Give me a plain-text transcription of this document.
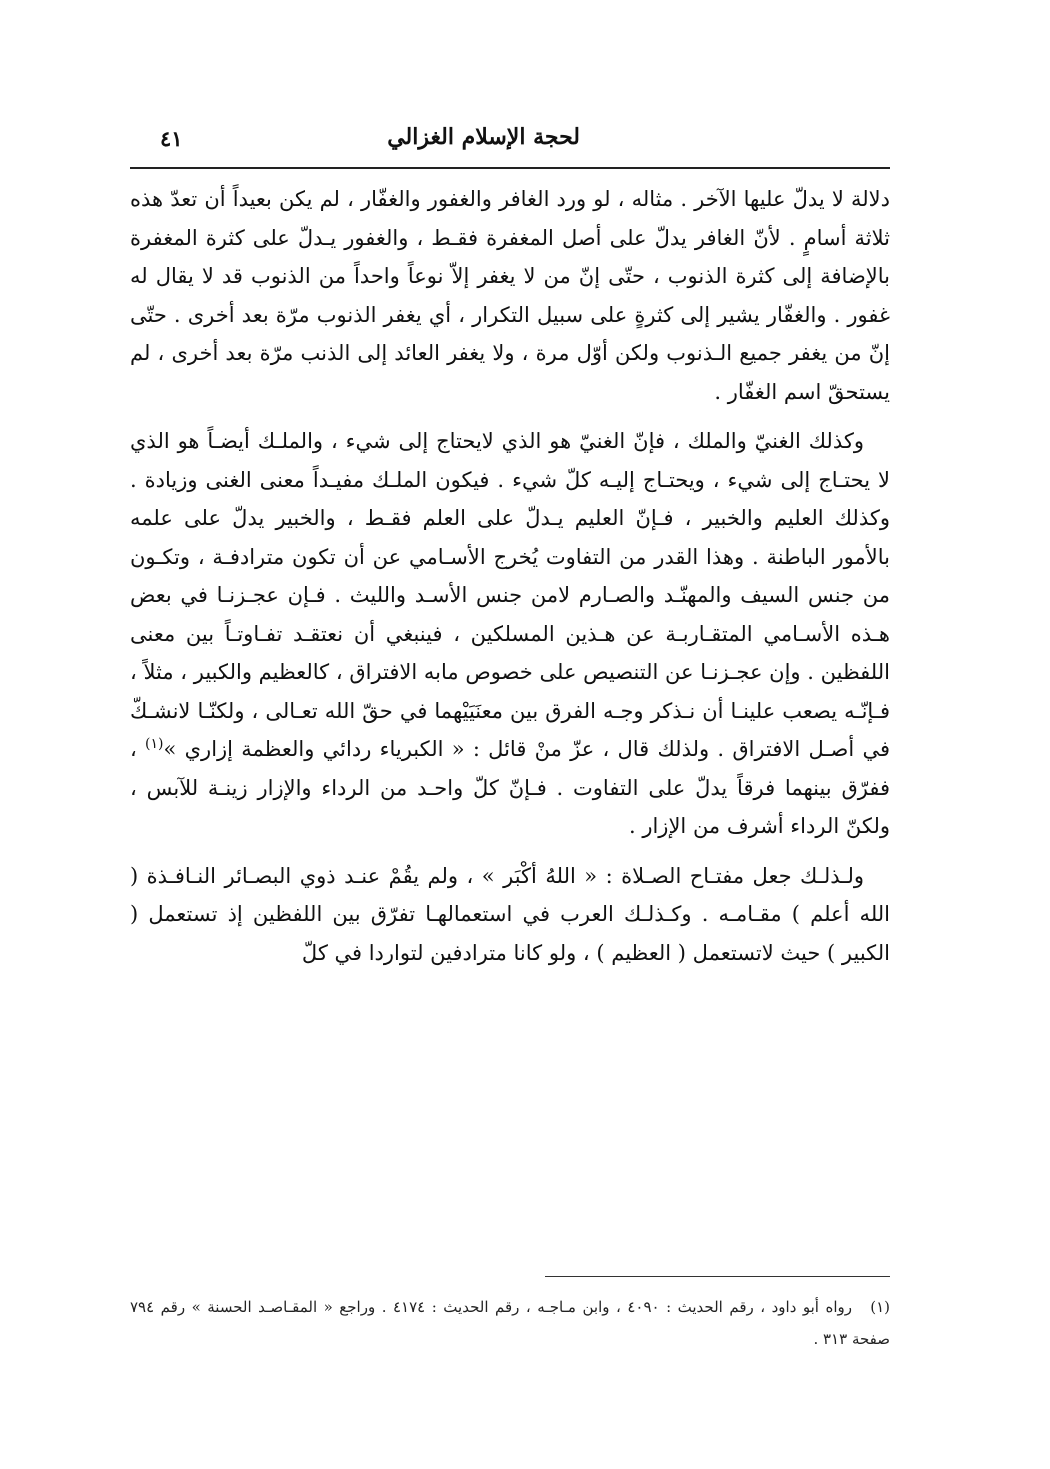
لحجة الإسلام الغزالي
٤١

دلالة لا يدلّ عليها الآخر . مثاله ، لو ورد الغافر والغفور والغفّار ، لم يكن بعيداً أن تعدّ هذه ثلاثة أسامٍ . لأنّ الغافر يدلّ على أصل المغفرة فقـط ، والغفور يـدلّ على كثرة المغفرة بالإضافة إلى كثرة الذنوب ، حتّى إنّ من لا يغفر إلاّ نوعاً واحداً من الذنوب قد لا يقال له غفور . والغفّار يشير إلى كثرةٍ على سبيل التكرار ، أي يغفر الذنوب مرّة بعد أخرى . حتّى إنّ من يغفر جميع الـذنوب ولكن أوّل مرة ، ولا يغفر العائد إلى الذنب مرّة بعد أخرى ، لم يستحقّ اسم الغفّار .

وكذلك الغنيّ والملك ، فإنّ الغنيّ هو الذي لايحتاج إلى شيء ، والملـك أيضـاً هو الذي لا يحتـاج إلى شيء ، ويحتـاج إليـه كلّ شيء . فيكون الملـك مفيـداً معنى الغنى وزيادة . وكذلك العليم والخبير ، فـإنّ العليم يـدلّ على العلم فقـط ، والخبير يدلّ على علمه بالأمور الباطنة . وهذا القدر من التفاوت يُخرج الأسـامي عن أن تكون مترادفـة ، وتكـون من جنس السيف والمهنّـد والصـارم لامن جنس الأسـد والليث . فـإن عجـزنـا في بعض هـذه الأسـامي المتقـاربـة عن هـذين المسلكين ، فينبغي أن نعتقـد تفـاوتـاً بين معنى اللفظين . وإن عجـزنـا عن التنصيص على خصوص مابه الافتراق ، كالعظيم والكبير ، مثلاً ، فـإنّـه يصعب علينـا أن نـذكر وجـه الفرق بين معنَيَيْهما في حقّ الله تعـالى ، ولكنّـا لانشـكّ في أصـل الافتراق . ولذلك قال ، عزّ منْ قائل : « الكبرياء ردائي والعظمة إزاري »$^{(١)}$ ، ففرّق بينهما فرقاً يدلّ على التفاوت . فـإنّ كلّ واحـد من الرداء والإزار زينـة للآبس ، ولكنّ الرداء أشرف من الإزار .

ولـذلـك جعل مفتـاح الصـلاة : « اللهُ أكْبَر » ، ولم يقُمْ عنـد ذوي البصـائر النـافـذة ( الله أعلم ) مقـامـه . وكـذلـك العرب في استعمالهـا تفرّق بين اللفظين إذ تستعمل ( الكبير ) حيث لاتستعمل ( العظيم ) ، ولو كانا مترادفين لتواردا في كلّ

(١)رواه أبو داود ، رقم الحديث : ٤٠٩٠ ، وابن مـاجـه ، رقم الحديث : ٤١٧٤ . وراجع « المقـاصـد الحسنة » رقم ٧٩٤ صفحة ٣١٣ .
